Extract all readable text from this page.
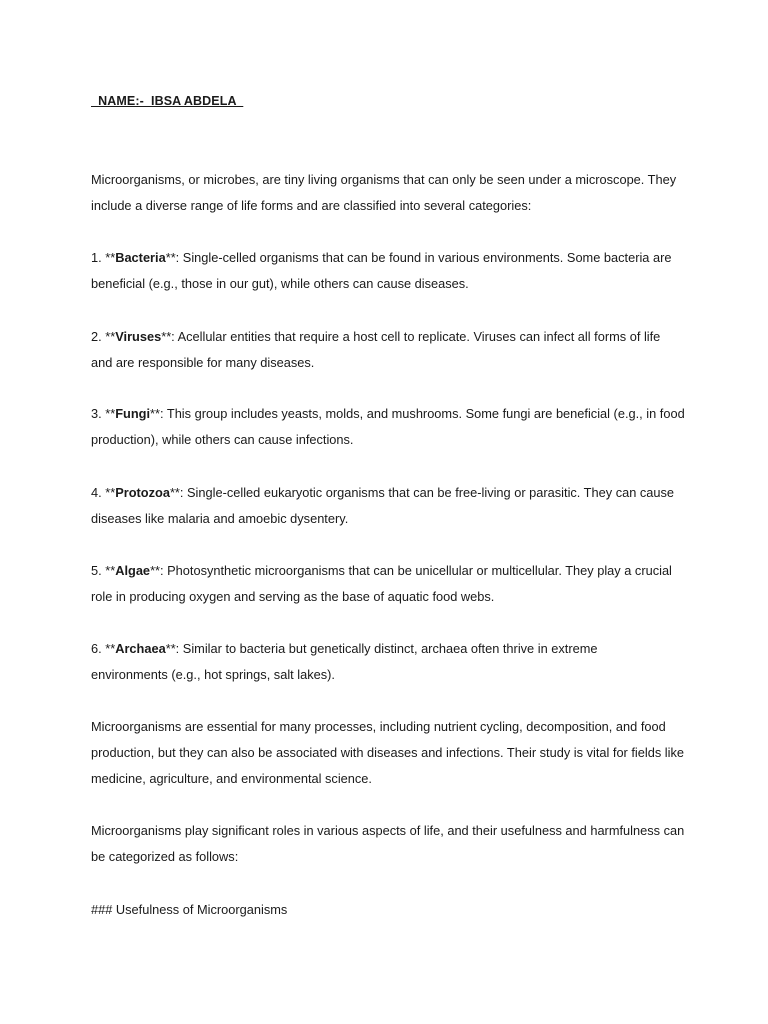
NAME:-  IBSA ABDELA

Microorganisms, or microbes, are tiny living organisms that can only be seen under a microscope. They
include a diverse range of life forms and are classified into several categories:

1. **Bacteria**: Single-celled organisms that can be found in various environments. Some bacteria are
beneficial (e.g., those in our gut), while others can cause diseases.

2. **Viruses**: Acellular entities that require a host cell to replicate. Viruses can infect all forms of life
and are responsible for many diseases.

3. **Fungi**: This group includes yeasts, molds, and mushrooms. Some fungi are beneficial (e.g., in food
production), while others can cause infections.

4. **Protozoa**: Single-celled eukaryotic organisms that can be free-living or parasitic. They can cause
diseases like malaria and amoebic dysentery.

5. **Algae**: Photosynthetic microorganisms that can be unicellular or multicellular. They play a crucial
role in producing oxygen and serving as the base of aquatic food webs.

6. **Archaea**: Similar to bacteria but genetically distinct, archaea often thrive in extreme
environments (e.g., hot springs, salt lakes).

Microorganisms are essential for many processes, including nutrient cycling, decomposition, and food
production, but they can also be associated with diseases and infections. Their study is vital for fields like
medicine, agriculture, and environmental science.

Microorganisms play significant roles in various aspects of life, and their usefulness and harmfulness can
be categorized as follows:

### Usefulness of Microorganisms
